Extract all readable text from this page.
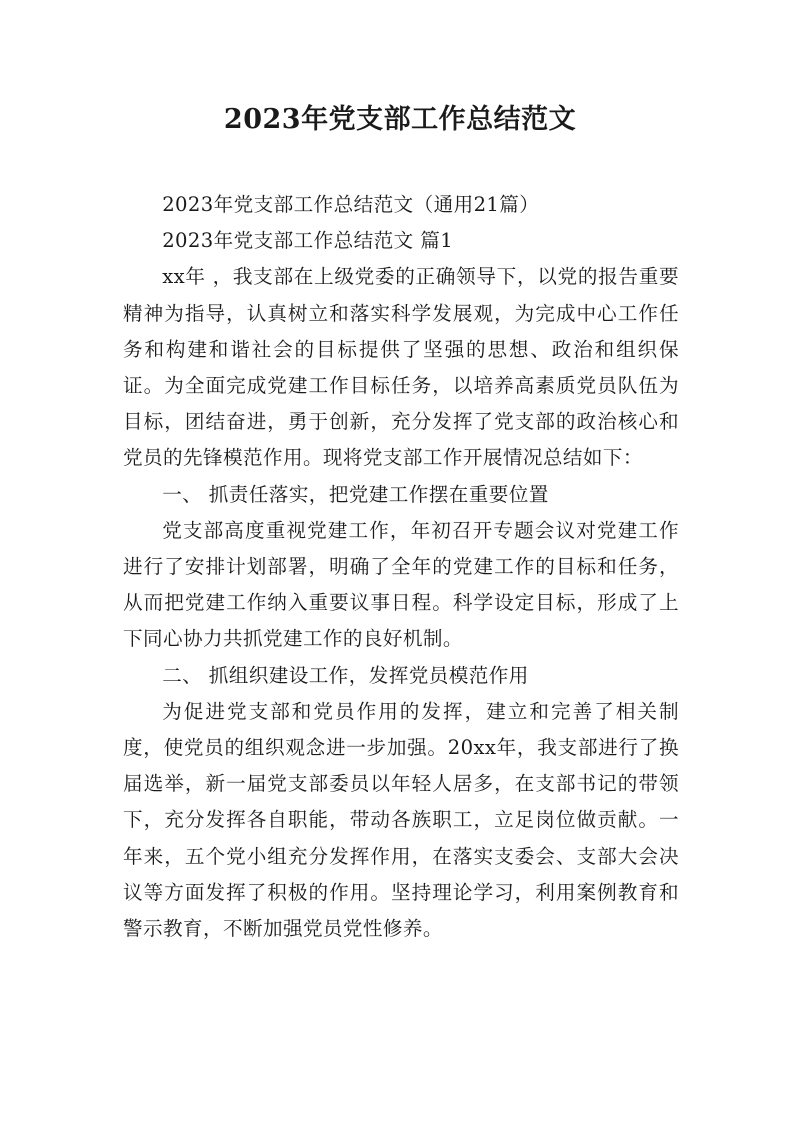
2023年党支部工作总结范文

2023年党支部工作总结范文（通用21篇）

2023年党支部工作总结范文 篇1

xx年 ，我支部在上级党委的正确领导下，以党的报告重要精神为指导，认真树立和落实科学发展观，为完成中心工作任务和构建和谐社会的目标提供了坚强的思想、政治和组织保证。为全面完成党建工作目标任务，以培养高素质党员队伍为目标，团结奋进，勇于创新，充分发挥了党支部的政治核心和党员的先锋模范作用。现将党支部工作开展情况总结如下：

一、 抓责任落实，把党建工作摆在重要位置

党支部高度重视党建工作，年初召开专题会议对党建工作进行了安排计划部署，明确了全年的党建工作的目标和任务，从而把党建工作纳入重要议事日程。科学设定目标，形成了上下同心协力共抓党建工作的良好机制。

二、 抓组织建设工作，发挥党员模范作用

为促进党支部和党员作用的发挥，建立和完善了相关制度，使党员的组织观念进一步加强。20xx年，我支部进行了换届选举，新一届党支部委员以年轻人居多，在支部书记的带领下，充分发挥各自职能，带动各族职工，立足岗位做贡献。一年来，五个党小组充分发挥作用，在落实支委会、支部大会决议等方面发挥了积极的作用。坚持理论学习，利用案例教育和警示教育，不断加强党员党性修养。
